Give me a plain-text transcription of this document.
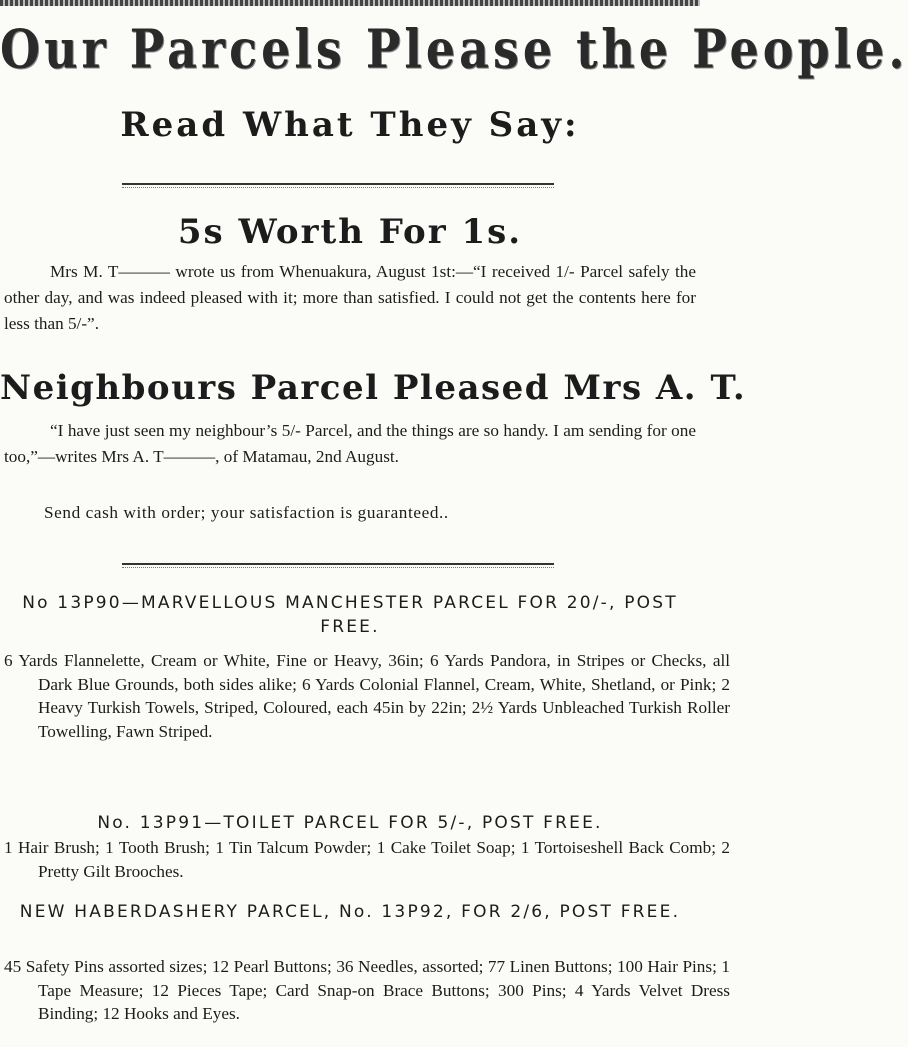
Our Parcels Please the People.
Read What They Say:
5s Worth For 1s.

Mrs M. T——— wrote us from Whenuakura, August 1st:—“I received 1/- Parcel safely the other day, and was indeed pleased with it; more than satisfied. I could not get the contents here for less than 5/-”.

Neighbours Parcel Pleased Mrs A. T.

“I have just seen my neighbour’s 5/- Parcel, and the things are so handy. I am sending for one too,”—writes Mrs A. T———, of Matamau, 2nd August.

Send cash with order; your satisfaction is guaranteed..

No 13P90—MARVELLOUS MANCHESTER PARCEL FOR 20/-, POST FREE.

6 Yards Flannelette, Cream or White, Fine or Heavy, 36in; 6 Yards Pandora, in Stripes or Checks, all Dark Blue Grounds, both sides alike; 6 Yards Colonial Flannel, Cream, White, Shetland, or Pink; 2 Heavy Turkish Towels, Striped, Coloured, each 45in by 22in; 2½ Yards Unbleached Turkish Roller Towelling, Fawn Striped.

No. 13P91—TOILET PARCEL FOR 5/-, POST FREE.

1 Hair Brush; 1 Tooth Brush; 1 Tin Talcum Powder; 1 Cake Toilet Soap; 1 Tortoiseshell Back Comb; 2 Pretty Gilt Brooches.

NEW HABERDASHERY PARCEL, No. 13P92, FOR 2/6, POST FREE.

45 Safety Pins assorted sizes; 12 Pearl Buttons; 36 Needles, assorted; 77 Linen Buttons; 100 Hair Pins; 1 Tape Measure; 12 Pieces Tape; Card Snap-on Brace Buttons; 300 Pins; 4 Yards Velvet Dress Binding; 12 Hooks and Eyes.
